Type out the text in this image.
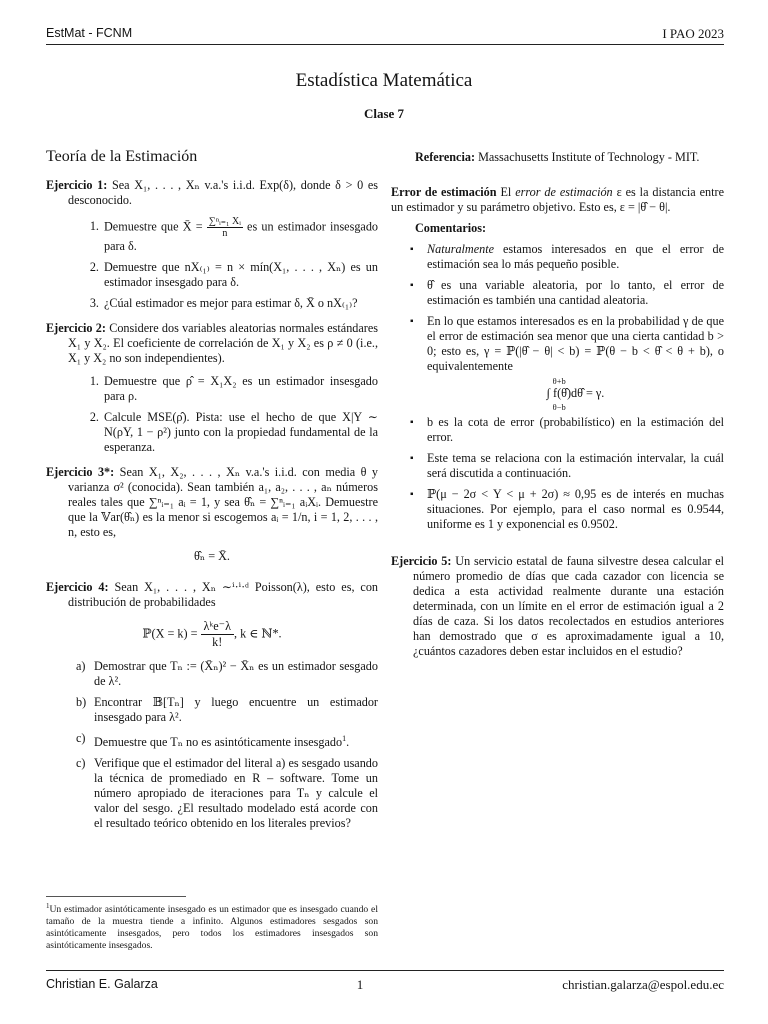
EstMat - FCNM	I PAO 2023
Estadística Matemática
Clase 7
Teoría de la Estimación

Ejercicio 1: Sea X₁, . . . , Xₙ v.a.'s i.i.d. Exp(δ), donde δ > 0 es desconocido.

1. Demuestre que X̄ = $\frac{\text{∑ⁿᵢ₌₁ Xᵢ}}{n}$ es un estimador insesgado para δ.
2. Demuestre que nX₍₁₎ = n × mín(X₁, . . . , Xₙ) es un estimador insesgado para δ.
3. ¿Cúal estimador es mejor para estimar δ, X̄ o nX₍₁₎?

Ejercicio 2: Considere dos variables aleatorias normales estándares X₁ y X₂. El coeficiente de correlación de X₁ y X₂ es ρ ≠ 0 (i.e., X₁ y X₂ no son independientes).

1. Demuestre que ρ̂ = X₁X₂ es un estimador insesgado para ρ.
2. Calcule MSE(ρ̂). Pista: use el hecho de que X|Y ∼ N(ρY, 1 − ρ²) junto con la propiedad fundamental de la esperanza.

Ejercicio 3*: Sean X₁, X₂, . . . , Xₙ v.a.'s i.i.d. con media θ y varianza σ² (conocida). Sean también a₁, a₂, . . . , aₙ números reales tales que ∑ⁿᵢ₌₁ aᵢ = 1, y sea θ̂ₙ = ∑ⁿᵢ₌₁ aᵢXᵢ. Demuestre que la 𝕍ar(θ̂ₙ) es la menor si escogemos aᵢ = 1/n, i = 1, 2, . . . , n, esto es,

θ̂ₙ = X̄.

Ejercicio 4: Sean X₁, . . . , Xₙ ∼ⁱ·ⁱ·ᵈ Poisson(λ), esto es, con distribución de probabilidades

ℙ(X = k) =
λᵏe⁻λ
k!, k ∈ ℕ*.
a) Demostrar que Tₙ := (X̄ₙ)² − X̄ₙ es un estimador sesgado de λ².
b) Encontrar 𝔹[Tₙ] y luego encuentre un estimador insesgado para λ².
c) Demuestre que Tₙ no es asintóticamente insesgado$^1$.
c) Verifique que el estimador del literal a) es sesgado usando la técnica de promediado en R – software. Tome un número apropiado de iteraciones para Tₙ y calcule el valor del sesgo. ¿El resultado modelado está acorde con el resultado teórico obtenido en los literales previos?
$^1$Un estimador asintóticamente insesgado es un estimador que es insesgado cuando el tamaño de la muestra tiende a infinito. Algunos estimadores sesgados son asintóticamente insesgados, pero todos los estimadores insesgados son asintóticamente insesgados.

Referencia: Massachusetts Institute of Technology - MIT.

Error de estimación El error de estimación ε es la distancia entre un estimador y su parámetro objetivo. Esto es, ε = |θ̂ − θ|.

Comentarios:

▪ Naturalmente estamos interesados en que el error de estimación sea lo más pequeño posible.
▪ θ̂ es una variable aleatoria, por lo tanto, el error de estimación es también una cantidad aleatoria.
▪ En lo que estamos interesados es en la probabilidad γ de que el error de estimación sea menor que una cierta cantidad b > 0; esto es, γ = ℙ(|θ̂ − θ| < b) = ℙ(θ − b < θ̂ < θ + b), o equivalentemente
∫ f(θ̂)dθ̂ = γ.
θ+b
θ−b
▪ b es la cota de error (probabilístico) en la estimación del error.
▪ Este tema se relaciona con la estimación intervalar, la cuál será discutida a continuación.
▪ ℙ(μ − 2σ < Y < μ + 2σ) ≈ 0,95 es de interés en muchas situaciones. Por ejemplo, para el caso normal es 0.9544, uniforme es 1 y exponencial es 0.9502.

Ejercicio 5: Un servicio estatal de fauna silvestre desea calcular el número promedio de días que cada cazador con licencia se dedica a esta actividad realmente durante una estación determinada, con un límite en el error de estimación igual a 2 días de caza. Si los datos recolectados en estudios anteriores han demostrado que σ es aproximadamente igual a 10, ¿cuántos cazadores deben estar incluidos en el estudio?

Christian E. Galarza	1	christian.galarza@espol.edu.ec
